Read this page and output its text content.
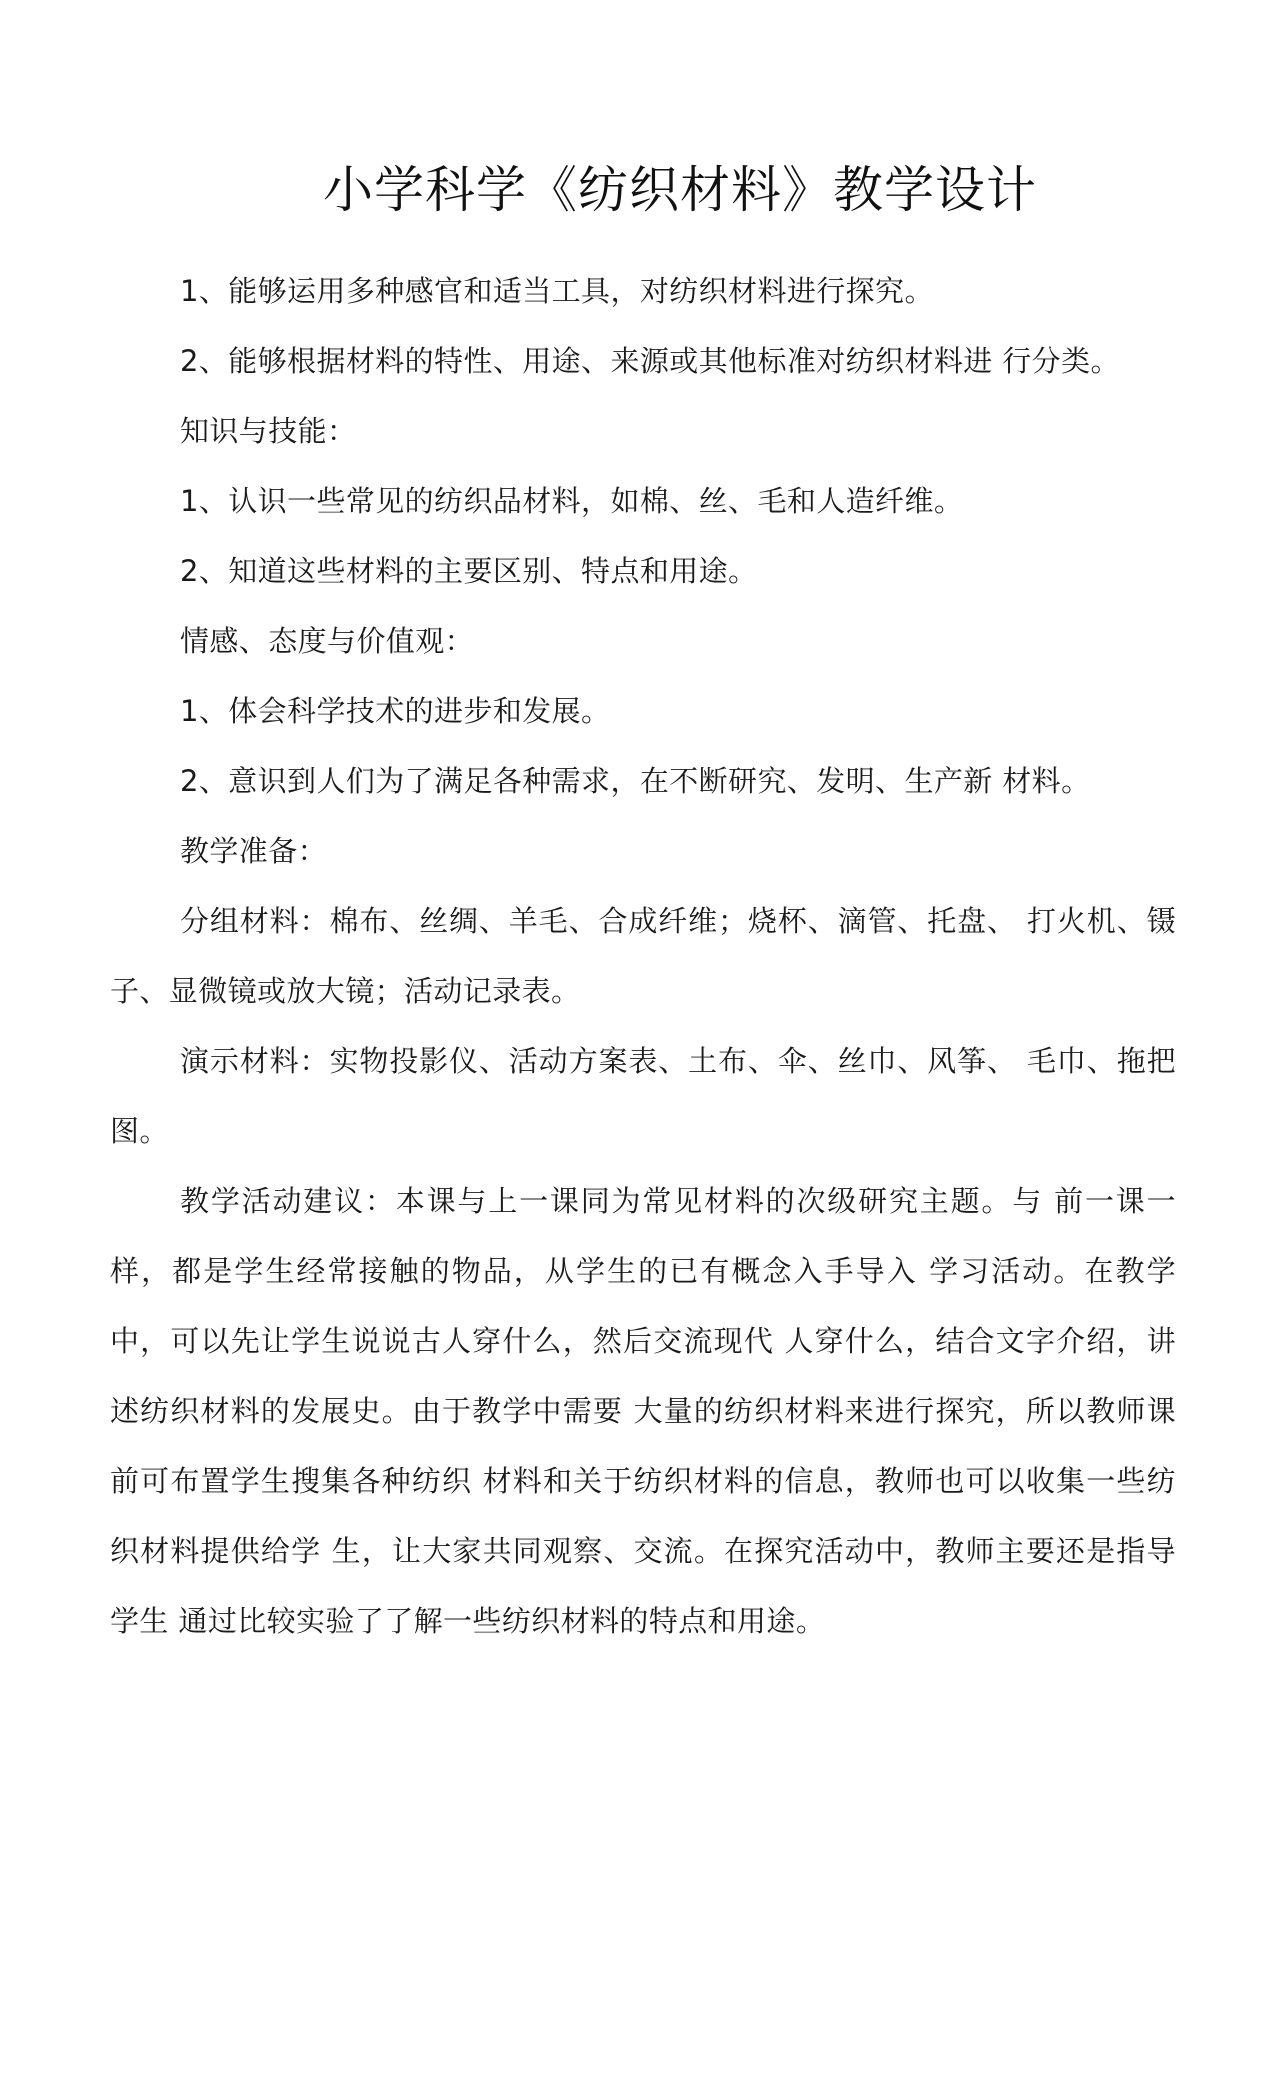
小学科学《纺织材料》教学设计

1、能够运用多种感官和适当工具，对纺织材料进行探究。

2、能够根据材料的特性、用途、来源或其他标准对纺织材料进 行分类。

知识与技能：

1、认识一些常见的纺织品材料，如棉、丝、毛和人造纤维。

2、知道这些材料的主要区别、特点和用途。

情感、态度与价值观：

1、体会科学技术的进步和发展。

2、意识到人们为了满足各种需求，在不断研究、发明、生产新 材料。

教学准备：

分组材料：棉布、丝绸、羊毛、合成纤维；烧杯、滴管、托盘、 打火机、镊子、显微镜或放大镜；活动记录表。

演示材料：实物投影仪、活动方案表、土布、伞、丝巾、风筝、 毛巾、拖把图。

教学活动建议：本课与上一课同为常见材料的次级研究主题。与 前一课一样，都是学生经常接触的物品，从学生的已有概念入手导入 学习活动。在教学中，可以先让学生说说古人穿什么，然后交流现代 人穿什么，结合文字介绍，讲述纺织材料的发展史。由于教学中需要 大量的纺织材料来进行探究，所以教师课前可布置学生搜集各种纺织 材料和关于纺织材料的信息，教师也可以收集一些纺织材料提供给学 生，让大家共同观察、交流。在探究活动中，教师主要还是指导学生 通过比较实验了了解一些纺织材料的特点和用途。
